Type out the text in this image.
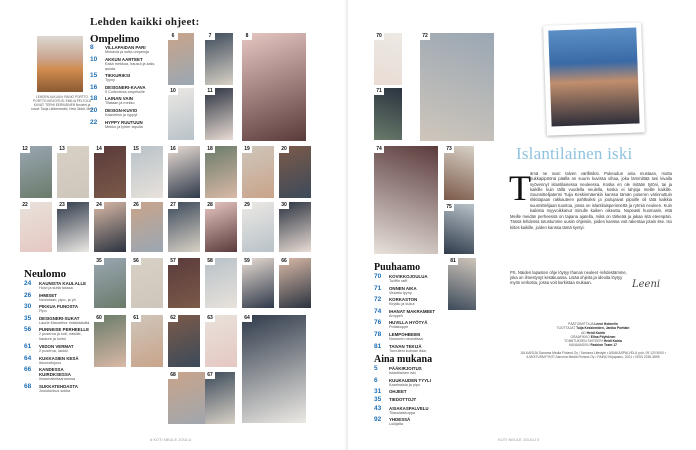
Lehden kaikki ohjeet:
LEHDEN ALKUUN: PAINO PORTTO PORTTO KIRJOITUS: EMILIA PELTOLA KUVAT: TERHI EERIKÄINEN Neuleet ja kuvat: Tanja Lähteenmäki, Heta Jäärä, Meri
Ompelimo
8	VILLAPAIDAN PARI
Mukavia ja sutta ompeluja
10	AKKUN AARTEET
Eaka mekkoa, hausut ja kaks asiota
15	TIKKURIKSI
Tyyny
16	DESIGNERI-KAAVA
9 Collections ompeluille
18	LAINAN VAIN
Tilataan ja mekko
20	DESIGN-KUVIO
Kasiviriiss ja ryppyt
22	HYPPY RUUTUUN
Mekko ja lyhter tapulla
Neulomo
24	KAUNISTA KAULALLE
Huivi ja sutta tosssa
26	IHMISET
Neulotaan, pipo, ja yh
30	PIKKUA PUNOSTA
Pipo
35	DESIGNERI-SUKAT
Laurie Macarthur rintaistalutta
56	PUNNEISE PERHEELLE
2 puseroa ja kuti, naisille, hauture ja kolmi
61	VIIDON VERMAT
2 puseroa, laukki
64	KUKKASIEN KESÄ
Ikkunoitujuus
66	KANDESSA KUIRDKSESSA
Ilmanhalleitaarruessa
68	SUKKATEHDASTA
Joulutunkus sokka
6	7	8
10	11
12	13	14	15	16	18	19	20
22	23	24	26	27	28	29	30
35	56	57	58	59
60	61	62	63	64
66
68	67
6 KOTI NEULE JOULU
70
71
72
73
74
75
81
Puuhaamo
70	KOVIKKOJOULUA
Tuiiffin raffi
71	ONNEN AIKA
Virkattu tyyny
72	KORKASTON
Kirjailu ja kukut
74	IHANAT MAKRAMEET
Amppeli
76	HUVILLA HYÖTYÄ
Pottakuppe
78	LEMPOHBEIMI
Nomuren neulotissa
81	TAIVAN TEKIJÄ
Tumuteni kulman ikka
Aina mukana
5	PÄÄKIRJOITUS
Islantilainen iski
6	KUUKAUDEN TYYLI
Kaarinaisia ja pipo
31	OHJEET
35	TIEDOTTOJT
43	ASIAKASPALVELU
Tilauslaiskuppa
92	YHDESSÄ
Lukijalta
KOTI NEULE JOULU 5
Islantilainen iski
T ämä ne ovat: talven värillisiksi. Pukeudun aina mustaan, mutta pukkapipöönä päällä on suurin kuvissa vihaa, joka lämmittää tosi kivalla syövennyt islantilaisessa neuleessa. Koska en ole mitään tytöni, tai ja kaikille kuin tällä vuodella neulella, koska ei lahjoja meille kaikille. Suunnittelijatermi Tuija Keskinmäenkin kanssa tämän puseron värinnuttuin rikkitapaan rakkauteen pahtkoiksi ja joulujaivat pipoille oli tätä kaikkia suunnittelijaan tuuntoa, jossa on islantilaisperinnettä ja rytmiä neuleen. Kuin kaikista myyvoikkanut minulle kaiken oikeutta. Nopeasti huomasin, että
Meille meidän perheessä on tapana ajatella, mikä on tärkeää ja jakaa sitä eteenpäin. Tässä lehdessä tutustumme uusiin ohjeisiin, joiden kanssa voit rakentaa jotain itse. Iso kiitos kaikille, joiden kanssa tämä syntyi.
PS. Näiden lapasten ohje löytyy Ihanan neuleet -lehdestämme, joka on ilmestynyt kesäkuussa. Lisää ohjeita ja ideoita löytyy myös verkosta, jossa voit kurkistaa mukaan.	Leeni
PÄÄTOIMITTAJA Leeni Holmelin
TUOTTAJAT Tuija Keskinmäen, Janika Porttain
AD Heidi Kairia
GRAAFIKKO Elina Pöyhönen
TOIMITUKSEN SIHTEERI Heidi Kairia
KANAVASIVU Fashion Team 17
JULKAISIJA Sanoma Media Finland Oy / Sanoma Lifestyle • ASIAKASPALVELU puh. 09 120 5000 • ILMOITUSMYYNTI Sanoma Media Finland Oy • PAINO Kirjapaino, 2021 • ISSN 2236-3895
